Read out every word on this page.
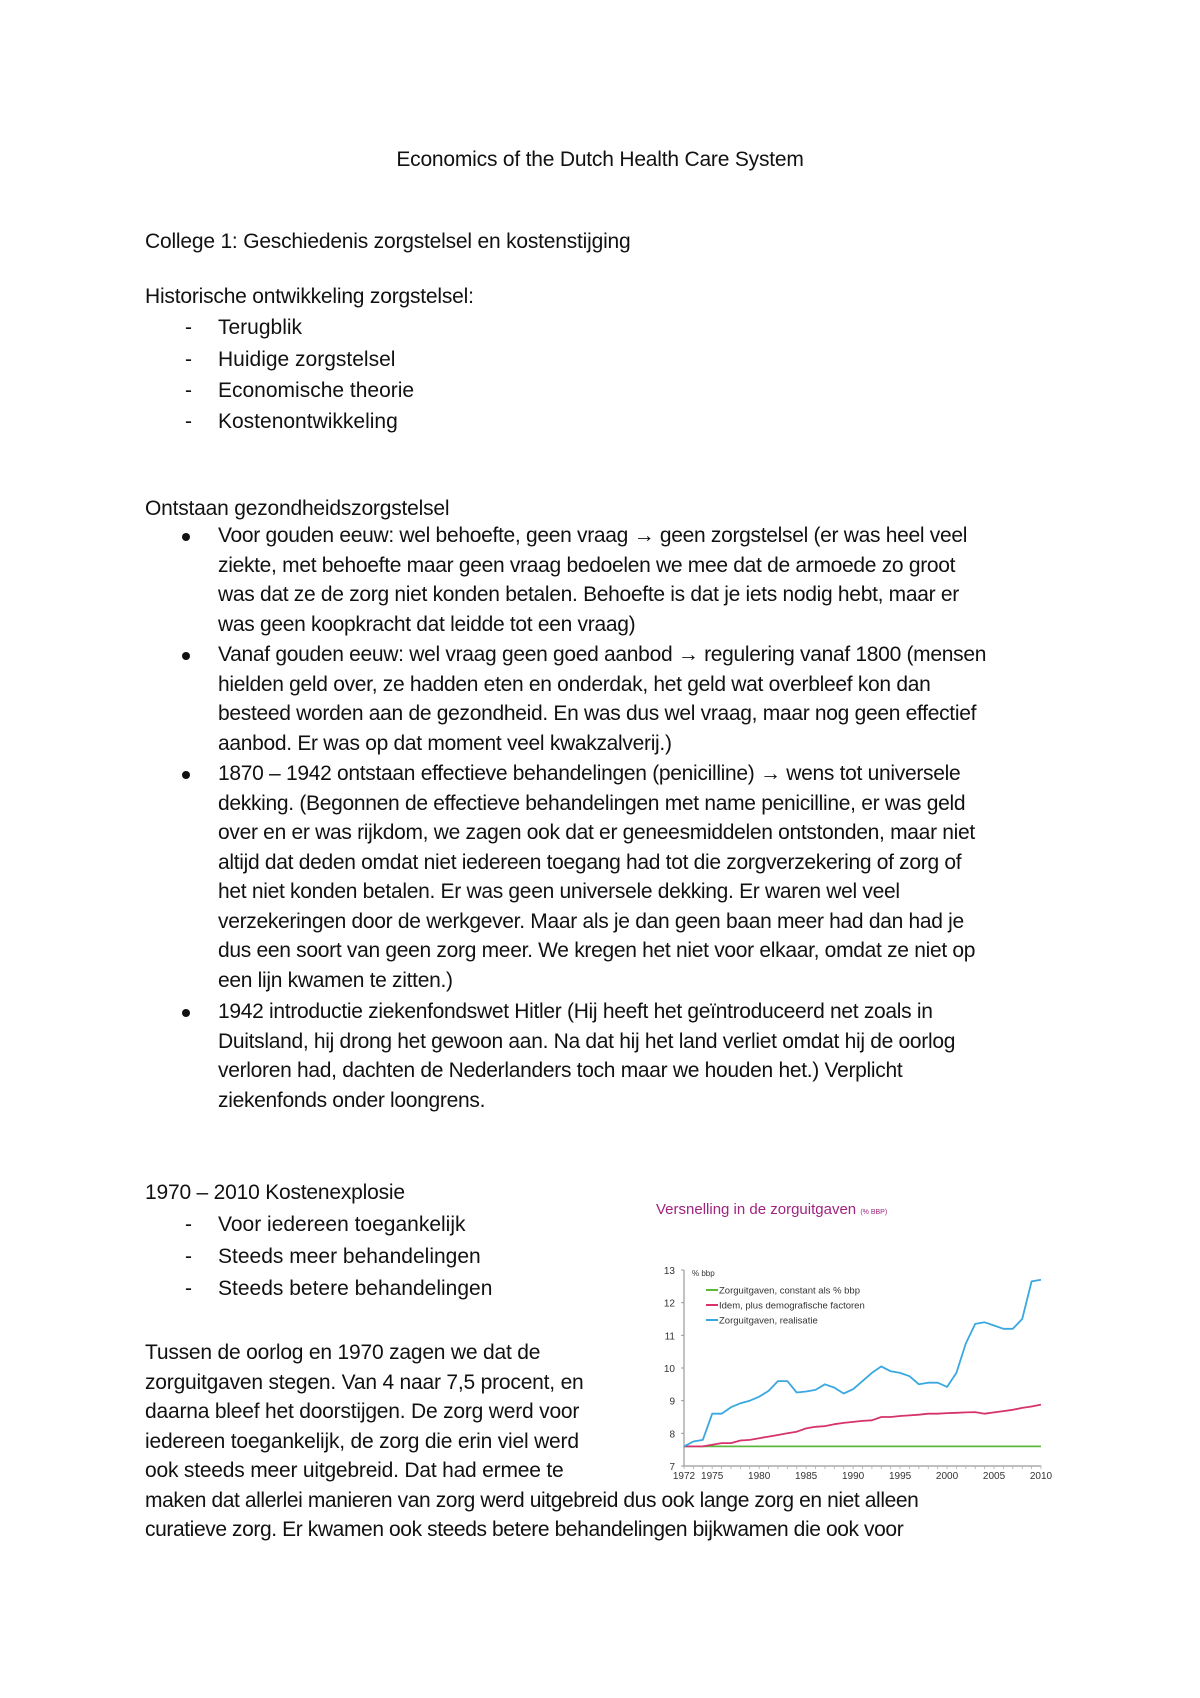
Economics of the Dutch Health Care System
College 1: Geschiedenis zorgstelsel en kostenstijging
Historische ontwikkeling zorgstelsel:
- Terugblik
- Huidige zorgstelsel
- Economische theorie
- Kostenontwikkeling
Ontstaan gezondheidszorgstelsel
Voor gouden eeuw: wel behoefte, geen vraag → geen zorgstelsel (er was heel veel
ziekte, met behoefte maar geen vraag bedoelen we mee dat de armoede zo groot
was dat ze de zorg niet konden betalen. Behoefte is dat je iets nodig hebt, maar er
was geen koopkracht dat leidde tot een vraag)
Vanaf gouden eeuw: wel vraag geen goed aanbod → regulering vanaf 1800 (mensen
hielden geld over, ze hadden eten en onderdak, het geld wat overbleef kon dan
besteed worden aan de gezondheid. En was dus wel vraag, maar nog geen effectief
aanbod. Er was op dat moment veel kwakzalverij.)
1870 – 1942 ontstaan effectieve behandelingen (penicilline) → wens tot universele
dekking. (Begonnen de effectieve behandelingen met name penicilline, er was geld
over en er was rijkdom, we zagen ook dat er geneesmiddelen ontstonden, maar niet
altijd dat deden omdat niet iedereen toegang had tot die zorgverzekering of zorg of
het niet konden betalen. Er was geen universele dekking. Er waren wel veel
verzekeringen door de werkgever. Maar als je dan geen baan meer had dan had je
dus een soort van geen zorg meer. We kregen het niet voor elkaar, omdat ze niet op
een lijn kwamen te zitten.)
1942 introductie ziekenfondswet Hitler (Hij heeft het geïntroduceerd net zoals in
Duitsland, hij drong het gewoon aan. Na dat hij het land verliet omdat hij de oorlog
verloren had, dachten de Nederlanders toch maar we houden het.) Verplicht
ziekenfonds onder loongrens.
1970 – 2010 Kostenexplosie
- Voor iedereen toegankelijk
- Steeds meer behandelingen
- Steeds betere behandelingen
Tussen de oorlog en 1970 zagen we dat de
zorguitgaven stegen. Van 4 naar 7,5 procent, en
daarna bleef het doorstijgen. De zorg werd voor
iedereen toegankelijk, de zorg die erin viel werd
ook steeds meer uitgebreid. Dat had ermee te
maken dat allerlei manieren van zorg werd uitgebreid dus ook lange zorg en niet alleen
curatieve zorg. Er kwamen ook steeds betere behandelingen bijkwamen die ook voor
Versnelling in de zorguitgaven (% BBP)
7
8
9
10
11
12
13
1972 1975 1980 1985 1990 1995 2000 2005 2010
% bbp
Zorguitgaven, constant als % bbp
Idem, plus demografische factoren
Zorguitgaven, realisatie
